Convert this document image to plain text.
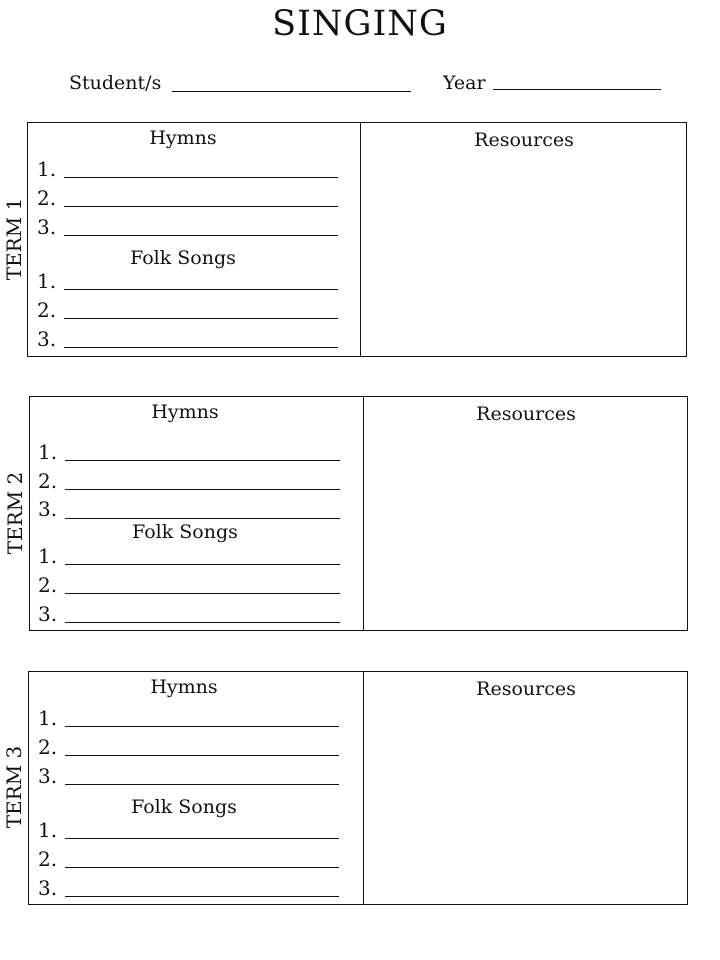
SINGING
Student/s	Year
TERM 1
Hymns
1.
2.
3.
Folk Songs
1.
2.
3.
Resources
TERM 2
Hymns
1.
2.
3.
Folk Songs
1.
2.
3.
Resources
TERM 3
Hymns
1.
2.
3.
Folk Songs
1.
2.
3.
Resources
